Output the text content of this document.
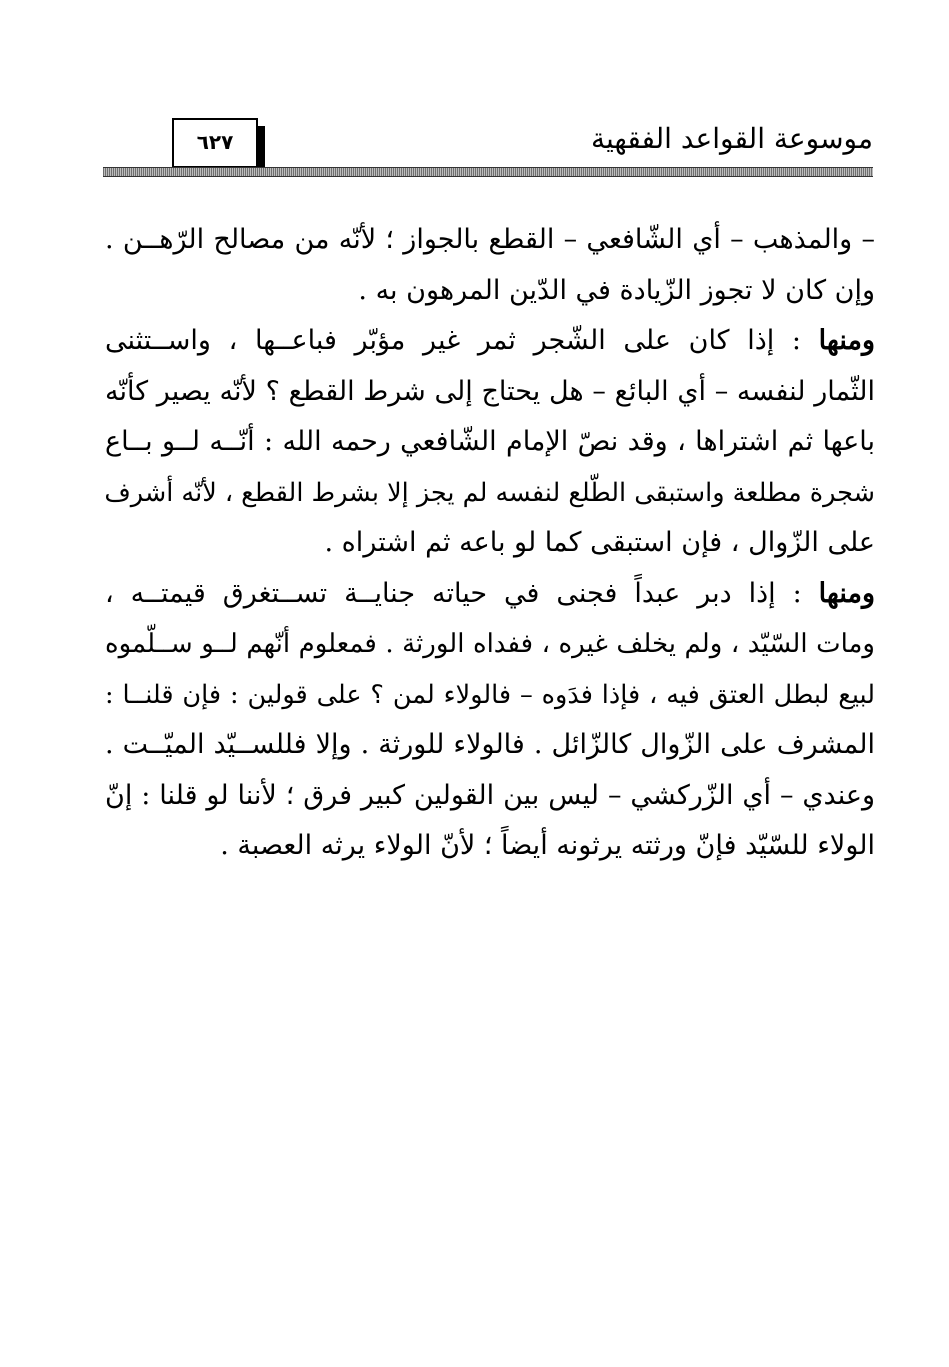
موسوعة القواعد الفقهية
٦٢٧
– والمذهب – أي الشّافعي – القطع بالجواز ؛ لأنّه من مصالح الرّهــن .
وإن كان لا تجوز الزّيادة في الدّين المرهون به .
ومنها : إذا كان على الشّجر ثمر غير مؤبّر فباعــها ، واســتثنى
الثّمار لنفسه – أي البائع – هل يحتاج إلى شرط القطع ؟ لأنّه يصير كأنّه
باعها ثم اشتراها ، وقد نصّ الإمام الشّافعي رحمه الله : أنّــه لــو بــاع
شجرة مطلعة واستبقى الطّلع لنفسه لم يجز إلا بشرط القطع ، لأنّه أشرف
على الزّوال ، فإن استبقى كما لو باعه ثم اشتراه .
ومنها : إذا دبر عبداً فجنى في حياته جنايــة تســتغرق قيمتــه ،
ومات السّيّد ، ولم يخلف غيره ، ففداه الورثة . فمعلوم أنّهم لــو ســلّموه
لبيع لبطل العتق فيه ، فإذا فدَوه – فالولاء لمن ؟ على قولين : فإن قلنــا :
المشرف على الزّوال كالزّائل . فالولاء للورثة . وإلا فللســيّد الميّــت .
وعندي – أي الزّركشي – ليس بين القولين كبير فرق ؛ لأننا لو قلنا : إنّ
الولاء للسّيّد فإنّ ورثته يرثونه أيضاً ؛ لأنّ الولاء يرثه العصبة .
